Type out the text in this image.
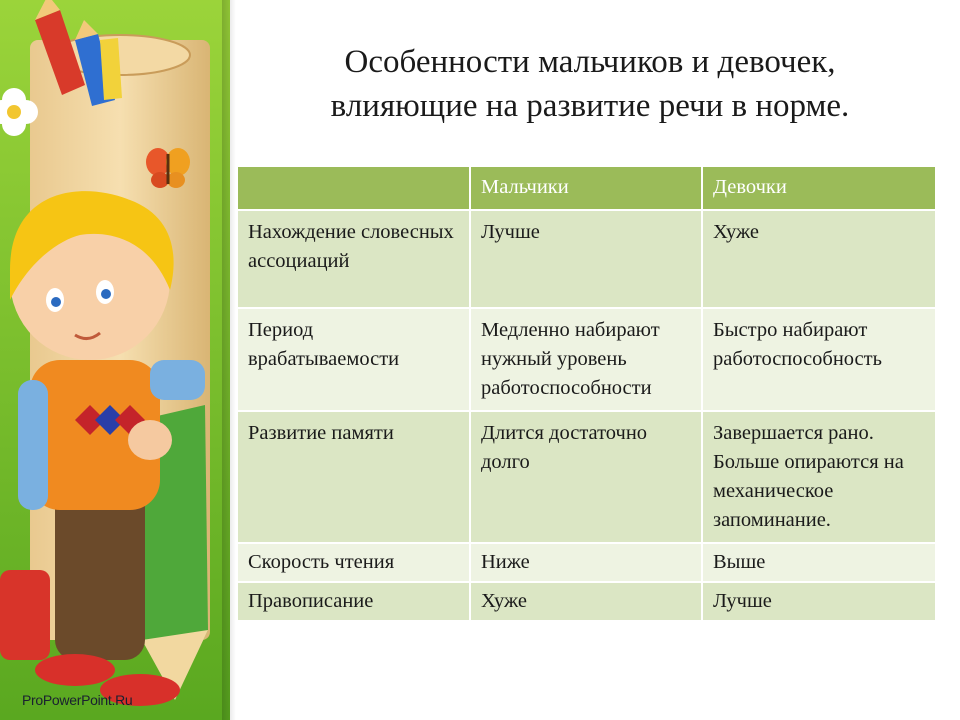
ProPowerPoint.Ru
Особенности мальчиков и девочек,
влияющие на развитие речи в норме.
	Мальчики	Девочки
Нахождение словесных ассоциаций	Лучше	Хуже
Период врабатываемости	Медленно набирают нужный уровень работоспособности	Быстро набирают работоспособность
Развитие памяти	Длится достаточно долго	Завершается рано. Больше опираются на механическое запоминание.
Скорость чтения	Ниже	Выше
Правописание	Хуже	Лучше
